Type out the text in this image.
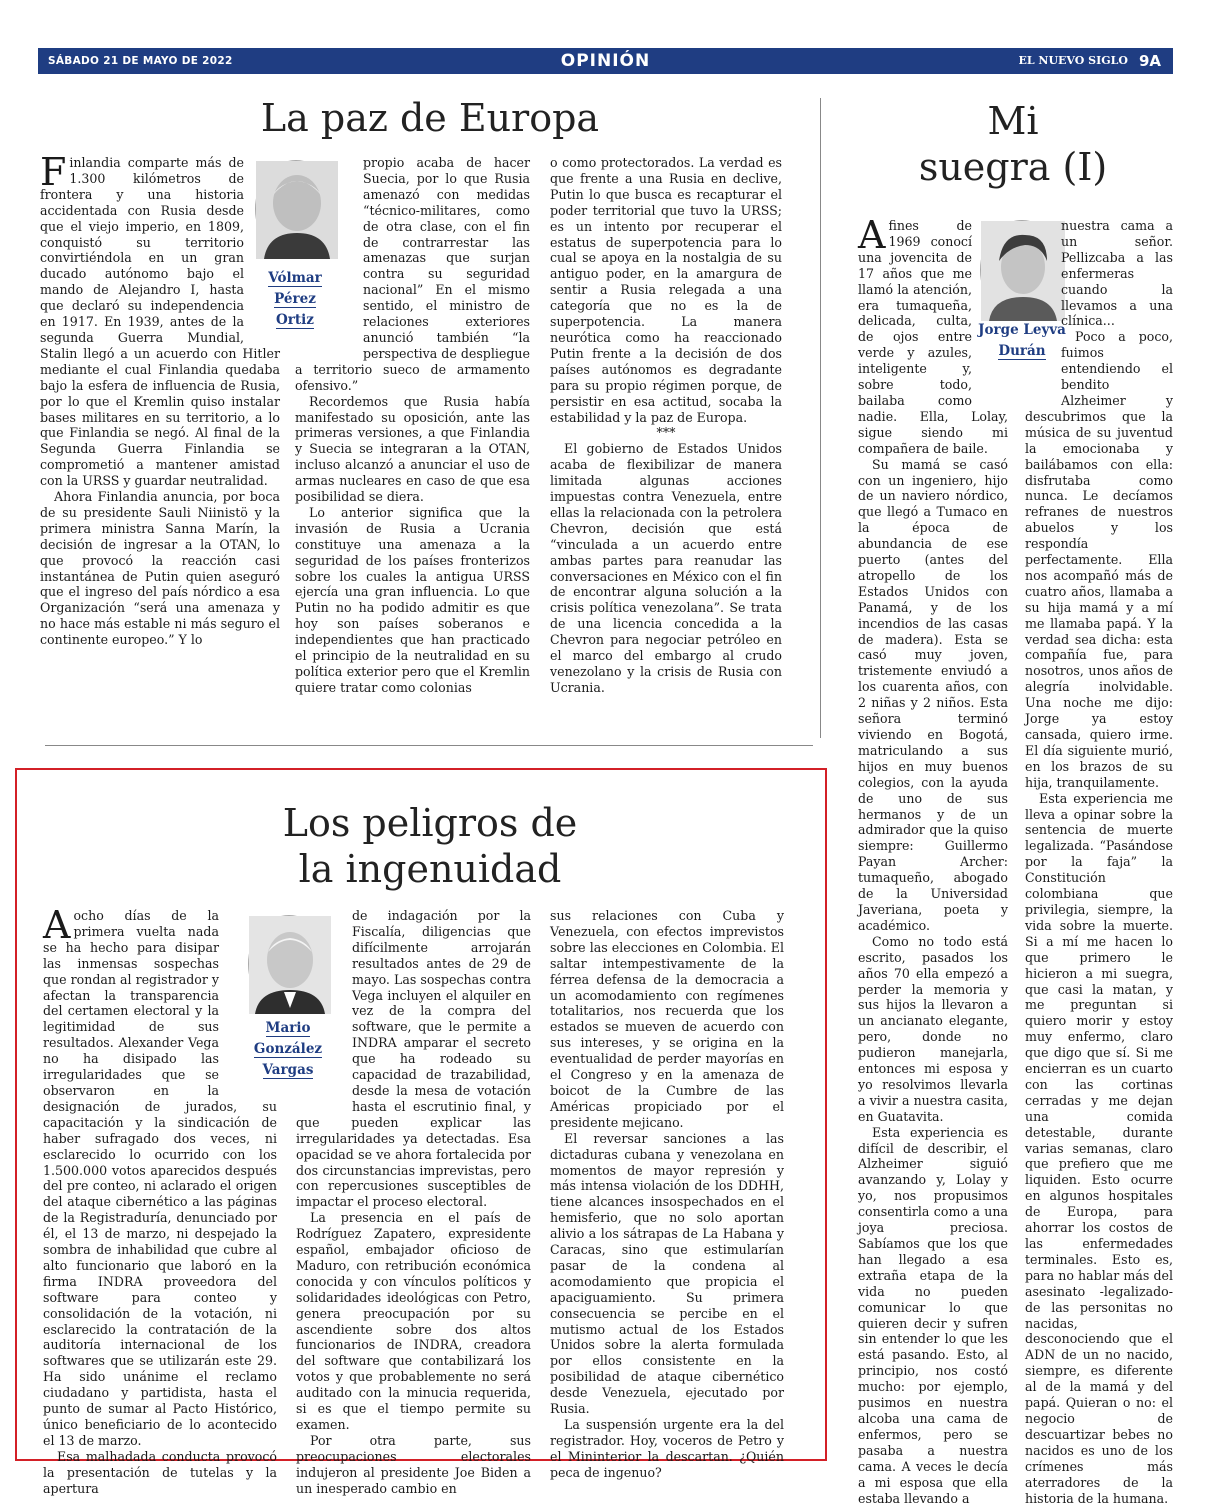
SÁBADO 21 DE MAYO DE 2022	OPINIÓN	EL NUEVO SIGLO 9A
La paz de Europa
Vólmar
Pérez
Ortiz

Finlandia comparte más de 1.300 kilómetros de frontera y una historia accidentada con Rusia desde que el viejo imperio, en 1809, conquistó su territorio convirtiéndola en un gran ducado autónomo bajo el mando de Alejandro I, hasta que declaró su independencia en 1917. En 1939, antes de la segunda Guerra Mundial, Stalin llegó a un acuerdo con Hitler mediante el cual Finlandia quedaba bajo la esfera de influencia de Rusia, por lo que el Kremlin quiso instalar bases militares en su territorio, a lo que Finlandia se negó. Al final de la Segunda Guerra Finlandia se comprometió a mantener amistad con la URSS y guardar neutralidad.

Ahora Finlandia anuncia, por boca de su presidente Sauli Niinistö y la primera ministra Sanna Marín, la decisión de ingresar a la OTAN, lo que provocó la reacción casi instantánea de Putin quien aseguró que el ingreso del país nórdico a esa Organización “será una amenaza y no hace más estable ni más seguro el continente europeo.” Y lo

propio acaba de hacer Suecia, por lo que Rusia amenazó con medidas “técnico-militares, como de otra clase, con el fin de contrarrestar las amenazas que surjan contra su seguridad nacional” En el mismo sentido, el ministro de relaciones exteriores anunció también “la perspectiva de despliegue a territorio sueco de armamento ofensivo.”

Recordemos que Rusia había manifestado su oposición, ante las primeras versiones, a que Finlandia y Suecia se integraran a la OTAN, incluso alcanzó a anunciar el uso de armas nucleares en caso de que esa posibilidad se diera.

Lo anterior significa que la invasión de Rusia a Ucrania constituye una amenaza a la seguridad de los países fronterizos sobre los cuales la antigua URSS ejercía una gran influencia. Lo que Putin no ha podido admitir es que hoy son países soberanos e independientes que han practicado el principio de la neutralidad en su política exterior pero que el Kremlin quiere tratar como colonias

o como protectorados. La verdad es que frente a una Rusia en declive, Putin lo que busca es recapturar el poder territorial que tuvo la URSS; es un intento por recuperar el estatus de superpotencia para lo cual se apoya en la nostalgia de su antiguo poder, en la amargura de sentir a Rusia relegada a una categoría que no es la de superpotencia. La manera neurótica como ha reaccionado Putin frente a la decisión de dos países autónomos es degradante para su propio régimen porque, de persistir en esa actitud, socaba la estabilidad y la paz de Europa.

***

El gobierno de Estados Unidos acaba de flexibilizar de manera limitada algunas acciones impuestas contra Venezuela, entre ellas la relacionada con la petrolera Chevron, decisión que está “vinculada a un acuerdo entre ambas partes para reanudar las conversaciones en México con el fin de encontrar alguna solución a la crisis política venezolana”. Se trata de una licencia concedida a la Chevron para negociar petróleo en el marco del embargo al crudo venezolano y la crisis de Rusia con Ucrania.

Los peligros de
la ingenuidad
Mario
González
Vargas

Aocho días de la primera vuelta nada se ha hecho para disipar las inmensas sospechas que rondan al registrador y afectan la transparencia del certamen electoral y la legitimidad de sus resultados. Alexander Vega no ha disipado las irregularidades que se observaron en la designación de jurados, su capacitación y la sindicación de haber sufragado dos veces, ni esclarecido lo ocurrido con los 1.500.000 votos aparecidos después del pre conteo, ni aclarado el origen del ataque cibernético a las páginas de la Registraduría, denunciado por él, el 13 de marzo, ni despejado la sombra de inhabilidad que cubre al alto funcionario que laboró en la firma INDRA proveedora del software para conteo y consolidación de la votación, ni esclarecido la contratación de la auditoría internacional de los softwares que se utilizarán este 29. Ha sido unánime el reclamo ciudadano y partidista, hasta el punto de sumar al Pacto Histórico, único beneficiario de lo acontecido el 13 de marzo.

Esa malhadada conducta provocó la presentación de tutelas y la apertura

de indagación por la Fiscalía, diligencias que difícilmente arrojarán resultados antes de 29 de mayo. Las sospechas contra Vega incluyen el alquiler en vez de la compra del software, que le permite a INDRA amparar el secreto que ha rodeado su capacidad de trazabilidad, desde la mesa de votación hasta el escrutinio final, y que pueden explicar las irregularidades ya detectadas. Esa opacidad se ve ahora fortalecida por dos circunstancias imprevistas, pero con repercusiones susceptibles de impactar el proceso electoral.

La presencia en el país de Rodríguez Zapatero, expresidente español, embajador oficioso de Maduro, con retribución económica conocida y con vínculos políticos y solidaridades ideológicas con Petro, genera preocupación por su ascendiente sobre dos altos funcionarios de INDRA, creadora del software que contabilizará los votos y que probablemente no será auditado con la minucia requerida, si es que el tiempo permite su examen.

Por otra parte, sus preocupaciones electorales indujeron al presidente Joe Biden a un inesperado cambio en

sus relaciones con Cuba y Venezuela, con efectos imprevistos sobre las elecciones en Colombia. El saltar intempestivamente de la férrea defensa de la democracia a un acomodamiento con regímenes totalitarios, nos recuerda que los estados se mueven de acuerdo con sus intereses, y se origina en la eventualidad de perder mayorías en el Congreso y en la amenaza de boicot de la Cumbre de las Américas propiciado por el presidente mejicano.

El reversar sanciones a las dictaduras cubana y venezolana en momentos de mayor represión y más intensa violación de los DDHH, tiene alcances insospechados en el hemisferio, que no solo aportan alivio a los sátrapas de La Habana y Caracas, sino que estimularían pasar de la condena al acomodamiento que propicia el apaciguamiento. Su primera consecuencia se percibe en el mutismo actual de los Estados Unidos sobre la alerta formulada por ellos consistente en la posibilidad de ataque cibernético desde Venezuela, ejecutado por Rusia.

La suspensión urgente era la del registrador. Hoy, voceros de Petro y el Mininterior la descartan. ¿Quién peca de ingenuo?

Mi
suegra (I)
Jorge Leyva
Durán

Afines de 1969 conocí una jovencita de 17 años que me llamó la atención, era tumaqueña, delicada, culta, de ojos entre verde y azules, inteligente y, sobre todo, bailaba como nadie. Ella, Lolay, sigue siendo mi compañera de baile.

Su mamá se casó con un ingeniero, hijo de un naviero nórdico, que llegó a Tumaco en la época de abundancia de ese puerto (antes del atropello de los Estados Unidos con Panamá, y de los incendios de las casas de madera). Esta se casó muy joven, tristemente enviudó a los cuarenta años, con 2 niñas y 2 niños. Esta señora terminó viviendo en Bogotá, matriculando a sus hijos en muy buenos colegios, con la ayuda de uno de sus hermanos y de un admirador que la quiso siempre: Guillermo Payan Archer: tumaqueño, abogado de la Universidad Javeriana, poeta y académico.

Como no todo está escrito, pasados los años 70 ella empezó a perder la memoria y sus hijos la llevaron a un ancianato elegante, pero, donde no pudieron manejarla, entonces mi esposa y yo resolvimos llevarla a vivir a nuestra casita, en Guatavita.

Esta experiencia es difícil de describir, el Alzheimer siguió avanzando y, Lolay y yo, nos propusimos consentirla como a una joya preciosa. Sabíamos que los que han llegado a esa extraña etapa de la vida no pueden comunicar lo que quieren decir y sufren sin entender lo que les está pasando. Esto, al principio, nos costó mucho: por ejemplo, pusimos en nuestra alcoba una cama de enfermos, pero se pasaba a nuestra cama. A veces le decía a mi esposa que ella estaba llevando a

nuestra cama a un señor. Pellizcaba a las enfermeras cuando la llevamos a una clínica...

Poco a poco, fuimos entendiendo el bendito Alzheimer y descubrimos que la música de su juventud la emocionaba y bailábamos con ella: disfrutaba como nunca. Le decíamos refranes de nuestros abuelos y los respondía perfectamente. Ella nos acompañó más de cuatro años, llamaba a su hija mamá y a mí me llamaba papá. Y la verdad sea dicha: esta compañía fue, para nosotros, unos años de alegría inolvidable. Una noche me dijo: Jorge ya estoy cansada, quiero irme. El día siguiente murió, en los brazos de su hija, tranquilamente.

Esta experiencia me lleva a opinar sobre la sentencia de muerte legalizada. “Pasándose por la faja” la Constitución colombiana que privilegia, siempre, la vida sobre la muerte. Si a mí me hacen lo que primero le hicieron a mi suegra, que casi la matan, y me preguntan si quiero morir y estoy muy enfermo, claro que digo que sí. Si me encierran es un cuarto con las cortinas cerradas y me dejan una comida detestable, durante varias semanas, claro que prefiero que me liquiden. Esto ocurre en algunos hospitales de Europa, para ahorrar los costos de las enfermedades terminales. Esto es, para no hablar más del asesinato -legalizado- de las personitas no nacidas, desconociendo que el ADN de un no nacido, siempre, es diferente al de la mamá y del papá. Quieran o no: el negocio de descuartizar bebes no nacidos es uno de los crímenes más aterradores de la historia de la humana.
